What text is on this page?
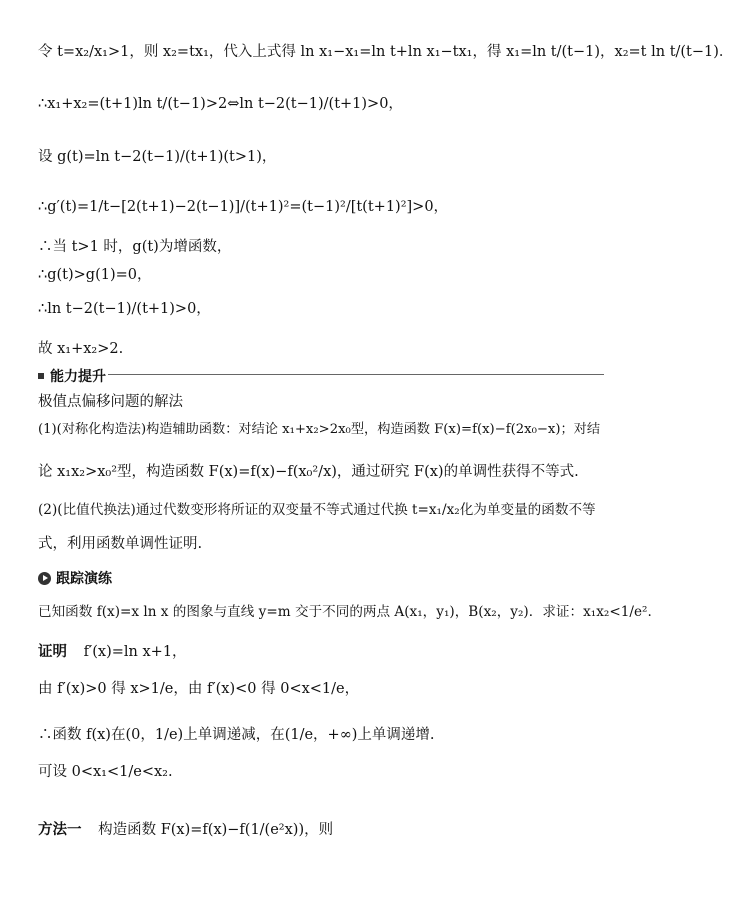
令 t=x₂/x₁>1，则 x₂=tx₁，代入上式得 ln x₁−x₁=ln t+ln x₁−tx₁，得 x₁=ln t/(t−1)，x₂=t ln t/(t−1)．
∴x₁+x₂=(t+1)ln t/(t−1)>2⇔ln t−2(t−1)/(t+1)>0，
设 g(t)=ln t−2(t−1)/(t+1)(t>1)，
∴g′(t)=1/t−[2(t+1)−2(t−1)]/(t+1)²=(t−1)²/[t(t+1)²]>0，
∴当 t>1 时，g(t)为增函数，
∴g(t)>g(1)=0，
∴ln t−2(t−1)/(t+1)>0，
故 x₁+x₂>2.
能力提升
极值点偏移问题的解法
(1)(对称化构造法)构造辅助函数：对结论 x₁+x₂>2x₀型，构造函数 F(x)=f(x)−f(2x₀−x)；对结
论 x₁x₂>x₀²型，构造函数 F(x)=f(x)−f(x₀²/x)，通过研究 F(x)的单调性获得不等式.
(2)(比值代换法)通过代数变形将所证的双变量不等式通过代换 t=x₁/x₂化为单变量的函数不等
式，利用函数单调性证明.
跟踪演练
已知函数 f(x)=x ln x 的图象与直线 y=m 交于不同的两点 A(x₁，y₁)，B(x₂，y₂)．求证：x₁x₂<1/e².
证明 f′(x)=ln x+1，
由 f′(x)>0 得 x>1/e，由 f′(x)<0 得 0<x<1/e，
∴函数 f(x)在(0，1/e)上单调递减，在(1/e，+∞)上单调递增.
可设 0<x₁<1/e<x₂.
方法一 构造函数 F(x)=f(x)−f(1/(e²x))，则
